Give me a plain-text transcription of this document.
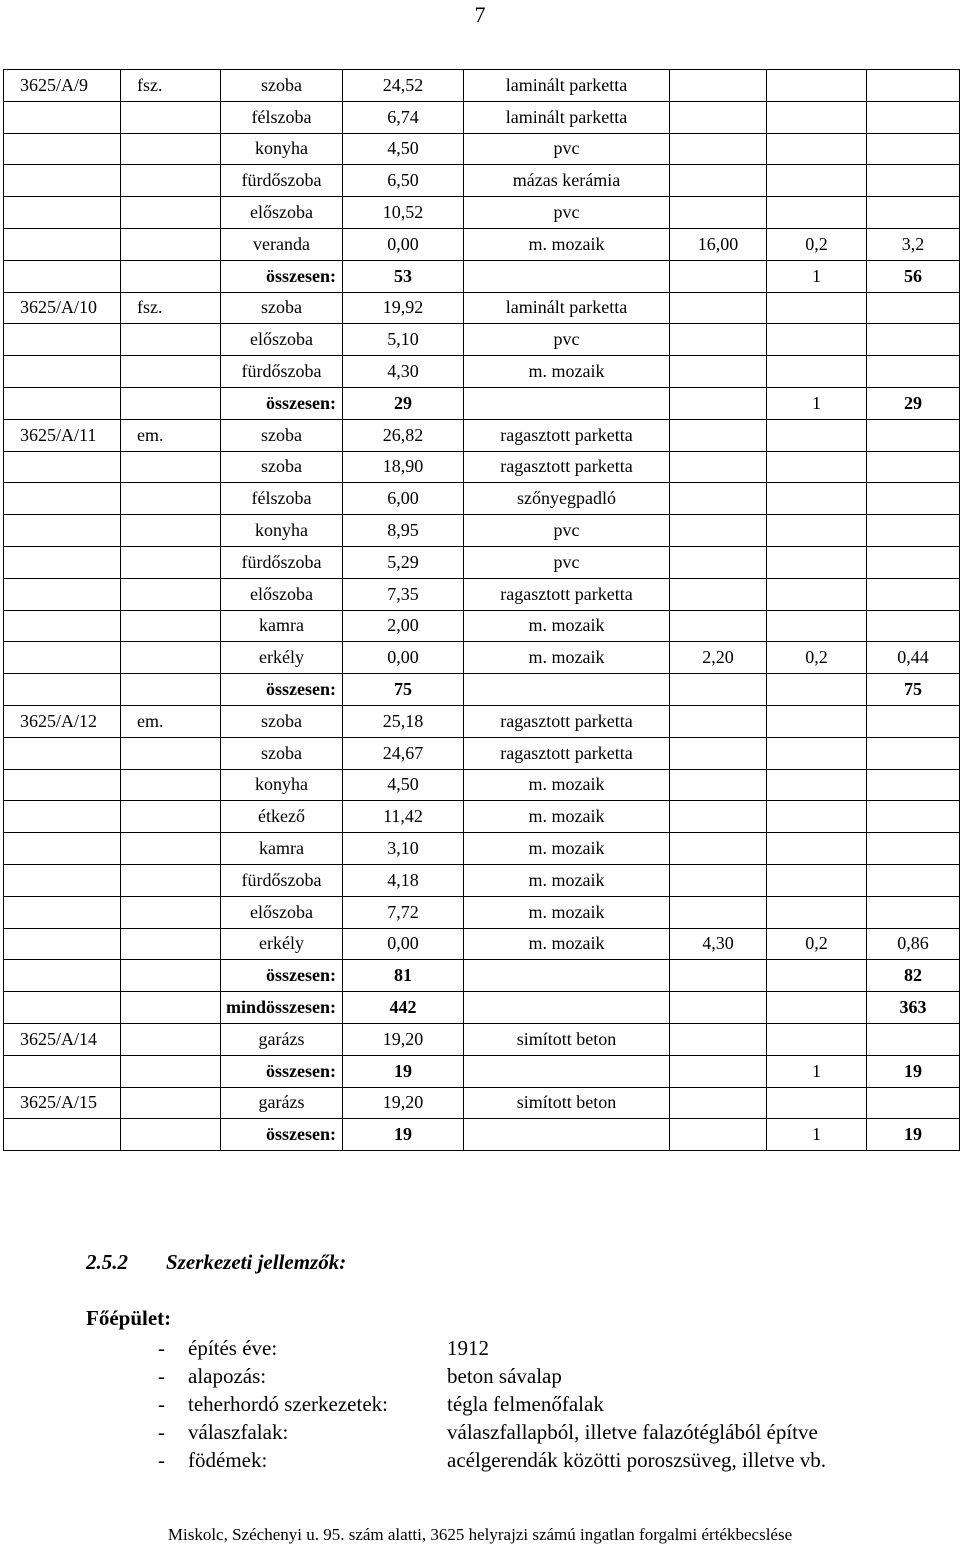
7
3625/A/9	fsz.	szoba	24,52	laminált parketta			
		félszoba	6,74	laminált parketta			
		konyha	4,50	pvc			
		fürdőszoba	6,50	mázas kerámia			
		előszoba	10,52	pvc			
		veranda	0,00	m. mozaik	16,00	0,2	3,2
		összesen:	53			1	56
3625/A/10	fsz.	szoba	19,92	laminált parketta			
		előszoba	5,10	pvc			
		fürdőszoba	4,30	m. mozaik			
		összesen:	29			1	29
3625/A/11	em.	szoba	26,82	ragasztott parketta			
		szoba	18,90	ragasztott parketta			
		félszoba	6,00	szőnyegpadló			
		konyha	8,95	pvc			
		fürdőszoba	5,29	pvc			
		előszoba	7,35	ragasztott parketta			
		kamra	2,00	m. mozaik			
		erkély	0,00	m. mozaik	2,20	0,2	0,44
		összesen:	75				75
3625/A/12	em.	szoba	25,18	ragasztott parketta			
		szoba	24,67	ragasztott parketta			
		konyha	4,50	m. mozaik			
		étkező	11,42	m. mozaik			
		kamra	3,10	m. mozaik			
		fürdőszoba	4,18	m. mozaik			
		előszoba	7,72	m. mozaik			
		erkély	0,00	m. mozaik	4,30	0,2	0,86
		összesen:	81				82
		mindösszesen:	442				363
3625/A/14		garázs	19,20	simított beton			
		összesen:	19			1	19
3625/A/15		garázs	19,20	simított beton			
		összesen:	19			1	19
2.5.2 Szerkezeti jellemzők:
Főépület:
- építés éve:	1912
- alapozás:	beton sávalap
- teherhordó szerkezetek:	tégla felmenőfalak
- válaszfalak:	válaszfallapból, illetve falazótéglából építve
- födémek:	acélgerendák közötti poroszsüveg, illetve vb.
Miskolc, Széchenyi u. 95. szám alatti, 3625 helyrajzi számú ingatlan forgalmi értékbecslése
